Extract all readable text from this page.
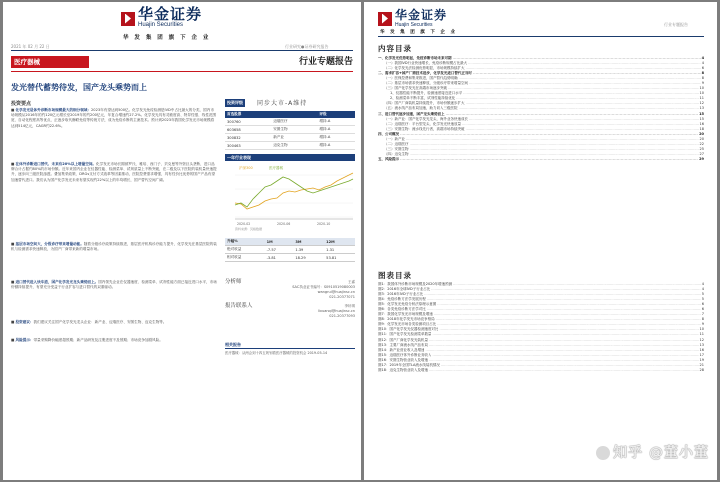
华金证券
Huajin Securities
华 发 集 团 旗 下 企 业
2021 年 02 月 22 日	行业研究●证券研究报告
医疗器械	行业专题报告
发光替代蓄势待发，国产龙头乘势而上
投资要点
■ 化学发光是体外诊断市场规模最大的细分领域：2023年有望达到500亿。化学发光免疫检测是IVD中占比最大的分类，国内市场规模从2016年的约120亿元增长至2019年的约200亿元，年复合增速约27.2%。化学发光具有灵敏度高、特异性强、线性范围宽、自动化程度高等优点，正逐步取代酶联免疫等传统方法，成为免疫诊断的主流技术。预计到2023年我国化学发光市场规模将达到514亿元，CAGR约22.6%。
■ 在体外诊断进口替代、未来有20%以上增量空间。化学发光市场长期被罗氏、雅培、西门子、贝克曼等外资巨头垄断，进口品牌合计占据约80%的市场份额。近年来国内企业在仪器性能、检测菜单、试剂质量上不断突破，在二级及以下医院的装机量快速提升，逐步向三级医院渗透。叠加集采政策、DRGs支付方式改革等因素推动，医院控费需求增强，具有性价比优势的国产产品有望加速替代进口。我们认为国产化学发光未来有望实现约22%以上的年均增长，国产替代空间广阔。
■ 基层市场空间大，分级诊疗带来增量动能。随着分级诊疗政策持续推进，基层医疗机构诊疗能力提升，化学发光在基层医院的装机与检测需求快速释放，为国产厂商带来新的增量市场。
■ 进口替代进入快车道，国产化学发光龙头乘势而上。国内领先企业在仪器速度、检测菜单、试剂性能方面已接近进口水平，市场份额持续提升，有望充分受益于行业扩容与进口替代的双重驱动。
■ 投资建议：我们建议关注国产化学发光龙头企业：新产业、迈瑞医疗、安图生物、迈克生物等。
■ 风险提示：带量采购降价幅度超预期；新产品研发及注册进度不及预期；市场竞争加剧风险。
投资评级	同步大市-A维持
首选股票		评级
300760	迈瑞医疗	增持-A
603658	安图生物	增持-A
300832	新产业	增持-A
300463	迈克生物	增持-A
一年行业表现
沪深300	医疗器械
2020-02	2020-06	2020-10
资料来源：贝格数据
升幅%	1M	3M	12M
绝对收益	-7.57	1.39	1.31
相对收益	-3.81	18.29	53.81
分析师	王睿
SAC执业证书编号：S0910519080003
wangrui@huajinsc.cn
021-20377071
报告联系人	李轩琪
lixuanqi@huajinsc.cn
021-20377093
相关报告
医疗器械：从两会到十四五规划看医疗器械的投资机会 2019-05-14
华金证券
Huajin Securities
华 发 集 团 旗 下 企 业
行业专题报告
内容目录
一、化学发光优势明显，免疫诊断市场未来可期 .....	4
（一）我国IVD行业快速增长，免疫诊断规模占比最大 .....	4
（二）化学发光法检测优势明显，市场规模持续扩大 .....	6
二、需求扩容+国产厂商技术进步，化学发光进口替代正当时 .....	8
（一）医保控费和集采推进，国产替代趋势明确 .....	8
（二）基层市场需求快速释放，分级诊疗带来增量空间 .....	9
（三）国产化学发光在高端市场逐步突破 .....	10
1、仪器性能不断提升，检测速度接近进口水平 .....	10
2、检测菜单不断丰富，试剂性能持续优化 .....	11
（四）国产厂商装机量持续提升，市场份额逐步扩大 .....	12
（五）流水线产品布局加速，助力切入三级医院 .....	13
三、进口替代逐步加速，国产龙头乘势而上 .....	15
（一）新产业：国产化学发光龙头，海外业务快速成长 .....	15
（二）迈瑞医疗：平台型龙头，化学发光快速放量 .....	16
（三）安图生物：流水线先行者，高端市场持续突破 .....	18
四、公司概况 .....	20
（一）新产业 .....	20
（二）迈瑞医疗 .....	22
（三）安图生物 .....	25
（四）迈克生物 .....	27
五、风险提示 .....	29
图表目录
图1：我国体外诊断市场规模及2020年增速预测 .....	4
图2：2016年全球IVD子行业占比 .....	4
图3：2016年IVD子行业占比 .....	5
图4：免疫诊断方法学发展历程 .....	5
图5：化学发光免疫分析法原理示意图 .....	6
图6：各类免疫诊断方法学对比 .....	6
图7：我国化学发光市场规模及增速 .....	7
图8：2018年化学发光市场竞争格局 .....	8
图9：化学发光市场各类检测项目占比 .....	9
图10：国产化学发光仪器检测速度对比 .....	10
图11：国产化学发光检测菜单数量 .....	11
图12：国产厂商化学发光装机量 .....	12
图13：主要厂商流水线产品布局 .....	13
图14：新产业营业收入及增速 .....	16
图15：迈瑞医疗体外诊断业务收入 .....	17
图16：安图生物营业收入及增速 .....	19
图17：2019年全国TLA流水线装机情况 .....	21
图18：迈克生物营业收入及增速 .....	28
知乎 @董小董
